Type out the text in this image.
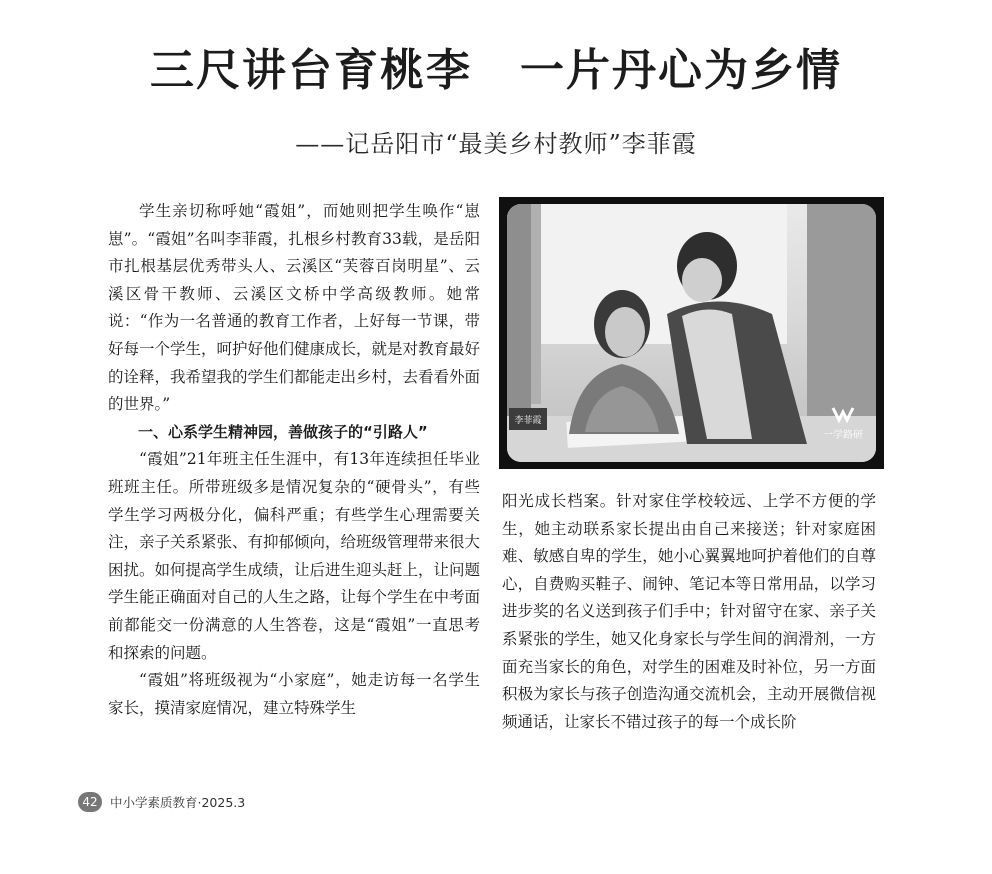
三尺讲台育桃李 一片丹心为乡情
——记岳阳市“最美乡村教师”李菲霞

学生亲切称呼她“霞姐”，而她则把学生唤作“崽崽”。“霞姐”名叫李菲霞，扎根乡村教育33载，是岳阳市扎根基层优秀带头人、云溪区“芙蓉百岗明星”、云溪区骨干教师、云溪区文桥中学高级教师。她常说：“作为一名普通的教育工作者，上好每一节课，带好每一个学生，呵护好他们健康成长，就是对教育最好的诠释，我希望我的学生们都能走出乡村，去看看外面的世界。”

一、心系学生精神园，善做孩子的“引路人”

“霞姐”21年班主任生涯中，有13年连续担任毕业班班主任。所带班级多是情况复杂的“硬骨头”，有些学生学习两极分化，偏科严重；有些学生心理需要关注，亲子关系紧张、有抑郁倾向，给班级管理带来很大困扰。如何提高学生成绩，让后进生迎头赶上，让问题学生能正确面对自己的人生之路，让每个学生在中考面前都能交一份满意的人生答卷，这是“霞姐”一直思考和探索的问题。

“霞姐”将班级视为“小家庭”，她走访每一名学生家长，摸清家庭情况，建立特殊学生

李菲霞
一学路研

阳光成长档案。针对家住学校较远、上学不方便的学生，她主动联系家长提出由自己来接送；针对家庭困难、敏感自卑的学生，她小心翼翼地呵护着他们的自尊心，自费购买鞋子、闹钟、笔记本等日常用品，以学习进步奖的名义送到孩子们手中；针对留守在家、亲子关系紧张的学生，她又化身家长与学生间的润滑剂，一方面充当家长的角色，对学生的困难及时补位，另一方面积极为家长与孩子创造沟通交流机会，主动开展微信视频通话，让家长不错过孩子的每一个成长阶

42 中小学素质教育·2025.3
